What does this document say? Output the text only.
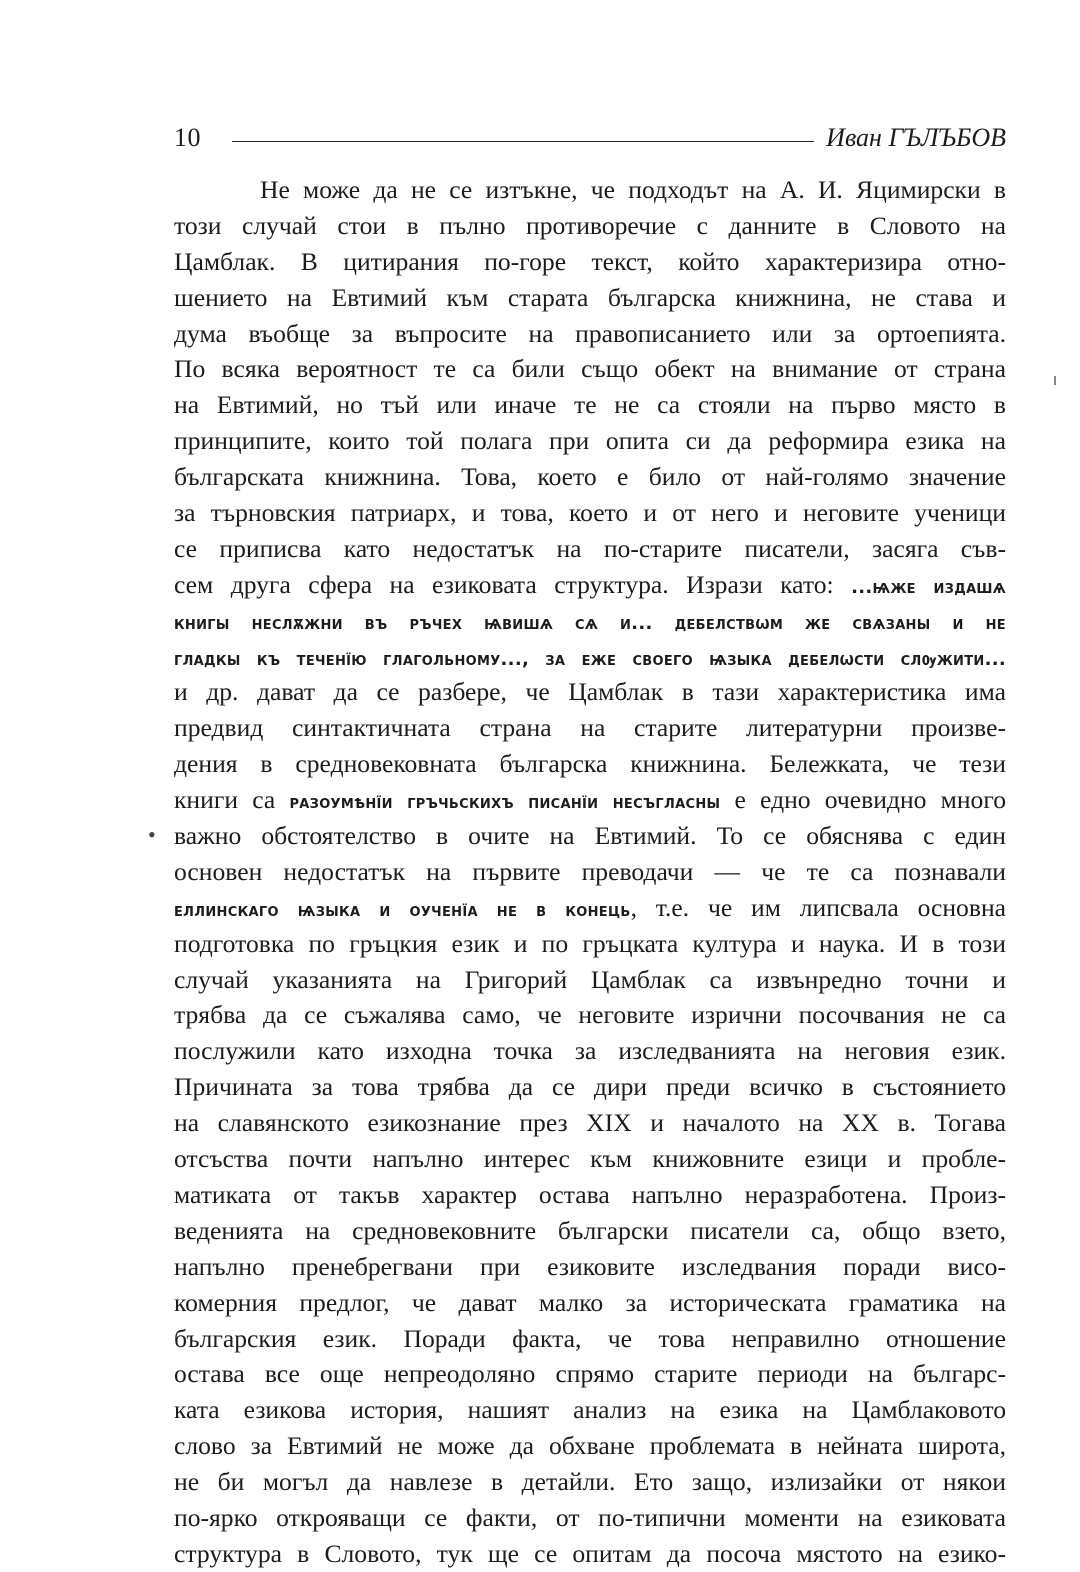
10	Иван ГЪЛЪБОВ
•
Не може да не се изтъкне, че подходът на А. И. Яцимирски в
този случай стои в пълно противоречие с данните в Словото на
Цамблак. В цитирания по-горе текст, който характеризира отно-
шението на Евтимий към старата българска книжнина, не става и
дума въобще за въпросите на правописанието или за ортоепията.
По всяка вероятност те са били също обект на внимание от страна
на Евтимий, но тъй или иначе те не са стояли на първо място в
принципите, които той полага при опита си да реформира езика на
българската книжнина. Това, което е било от най-голямо значение
за търновския патриарх, и това, което и от него и неговите ученици
се приписва като недостатък на по-старите писатели, засяга съв-
сем друга сфера на езиковата структура. Изрази като: ...ѩже издашѧ
книгы неслѫжни въ ръчех ѩвишѧ сѧ и... дебелствѡм же свѧзаны и не
гладкы къ теченїю глагольному..., за еже своего ѩзыка дебелѡсти слѹжити...
и др. дават да се разбере, че Цамблак в тази характеристика има
предвид синтактичната страна на старите литературни произве-
дения в средновековната българска книжнина. Бележката, че тези
книги са разоумѣнїи гръчьскихъ писанїи несъгласны е едно очевидно много
важно обстоятелство в очите на Евтимий. То се обяснява с един
основен недостатък на първите преводачи — че те са познавали
еллинскаго ѩзыка и оученїа не в конець, т.е. че им липсвала основна
подготовка по гръцкия език и по гръцката култура и наука. И в този
случай указанията на Григорий Цамблак са извънредно точни и
трябва да се съжалява само, че неговите изрични посочвания не са
послужили като изходна точка за изследванията на неговия език.
Причината за това трябва да се дири преди всичко в състоянието
на славянското езикознание през XIX и началото на XX в. Тогава
отсъства почти напълно интерес към книжовните езици и пробле-
матиката от такъв характер остава напълно неразработена. Произ-
веденията на средновековните български писатели са, общо взето,
напълно пренебрегвани при езиковите изследвания поради висо-
комерния предлог, че дават малко за историческата граматика на
българския език. Поради факта, че това неправилно отношение
остава все още непреодоляно спрямо старите периоди на българс-
ката езикова история, нашият анализ на езика на Цамблаковото
слово за Евтимий не може да обхване проблемата в нейната широта,
не би могъл да навлезе в детайли. Ето защо, излизайки от някои
по-ярко открояващи се факти, от по-типични моменти на езиковата
структура в Словото, тук ще се опитам да посоча мястото на езико-
